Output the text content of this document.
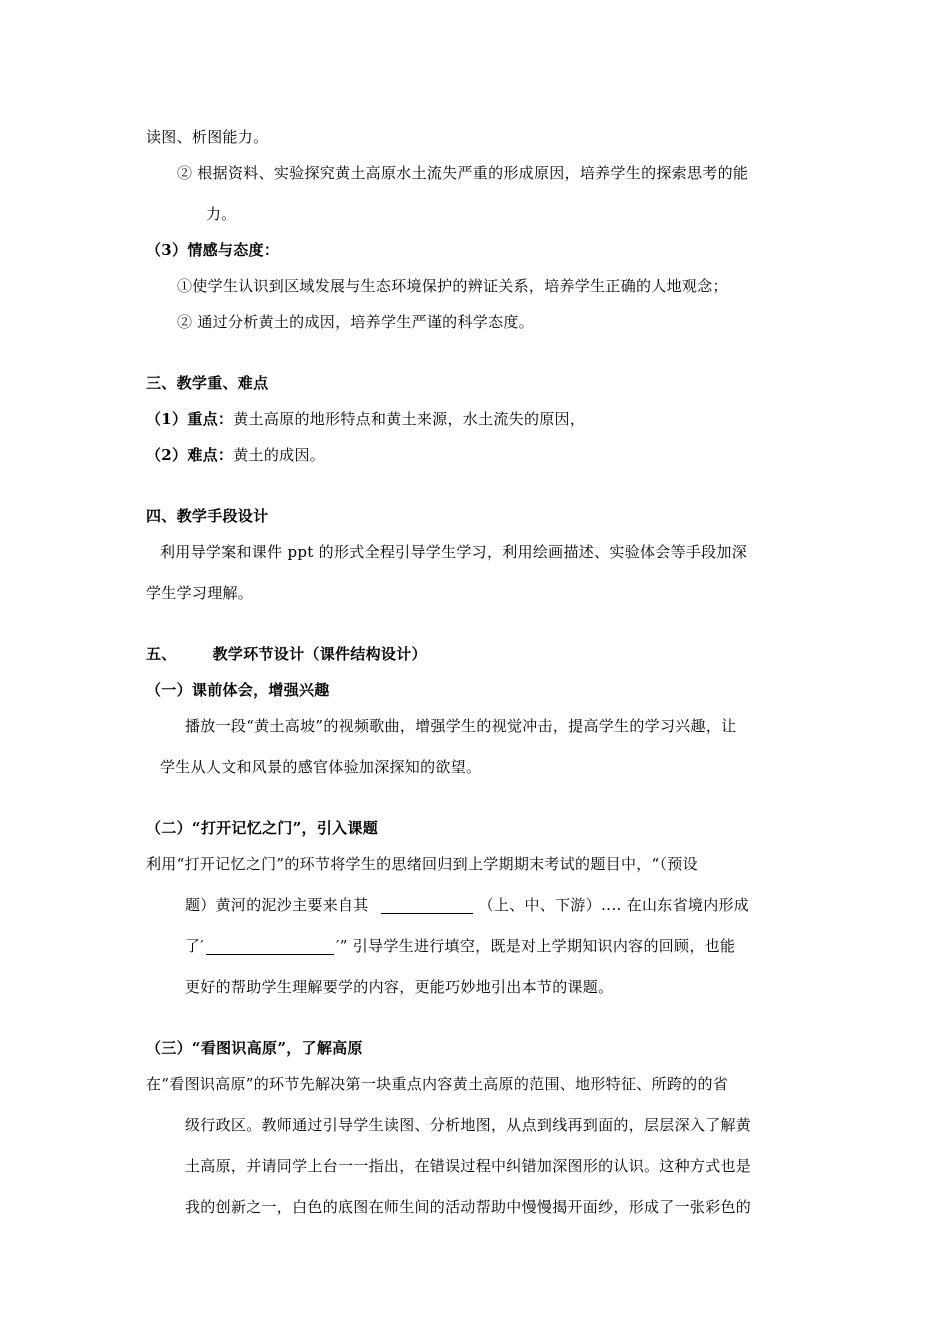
读图、析图能力。
② 根据资料、实验探究黄土高原水土流失严重的形成原因，培养学生的探索思考的能
力。
（3）情感与态度：
①使学生认识到区域发展与生态环境保护的辨证关系，培养学生正确的人地观念；
② 通过分析黄土的成因，培养学生严谨的科学态度。
三、教学重、难点
（1）重点：黄土高原的地形特点和黄土来源，水土流失的原因，
（2）难点：黄土的成因。
四、教学手段设计
利用导学案和课件 ppt 的形式全程引导学生学习，利用绘画描述、实验体会等手段加深
学生学习理解。
五、 教学环节设计（课件结构设计）
（一）课前体会，增强兴趣
播放一段“黄土高坡”的视频歌曲，增强学生的视觉冲击，提高学生的学习兴趣，让
学生从人文和风景的感官体验加深探知的欲望。
（二）“打开记忆之门”，引入课题
利用“打开记忆之门”的环节将学生的思绪回归到上学期期末考试的题目中，“（预设
题）黄河的泥沙主要来自其	（上、中、下游）‥‥ 在山东省境内形成
了′	′” 引导学生进行填空，既是对上学期知识内容的回顾，也能
更好的帮助学生理解要学的内容，更能巧妙地引出本节的课题。
（三）“看图识高原”，了解高原
在“看图识高原”的环节先解决第一块重点内容黄土高原的范围、地形特征、所跨的的省
级行政区。教师通过引导学生读图、分析地图，从点到线再到面的，层层深入了解黄
土高原，并请同学上台一一指出，在错误过程中纠错加深图形的认识。这种方式也是
我的创新之一，白色的底图在师生间的活动帮助中慢慢揭开面纱，形成了一张彩色的
